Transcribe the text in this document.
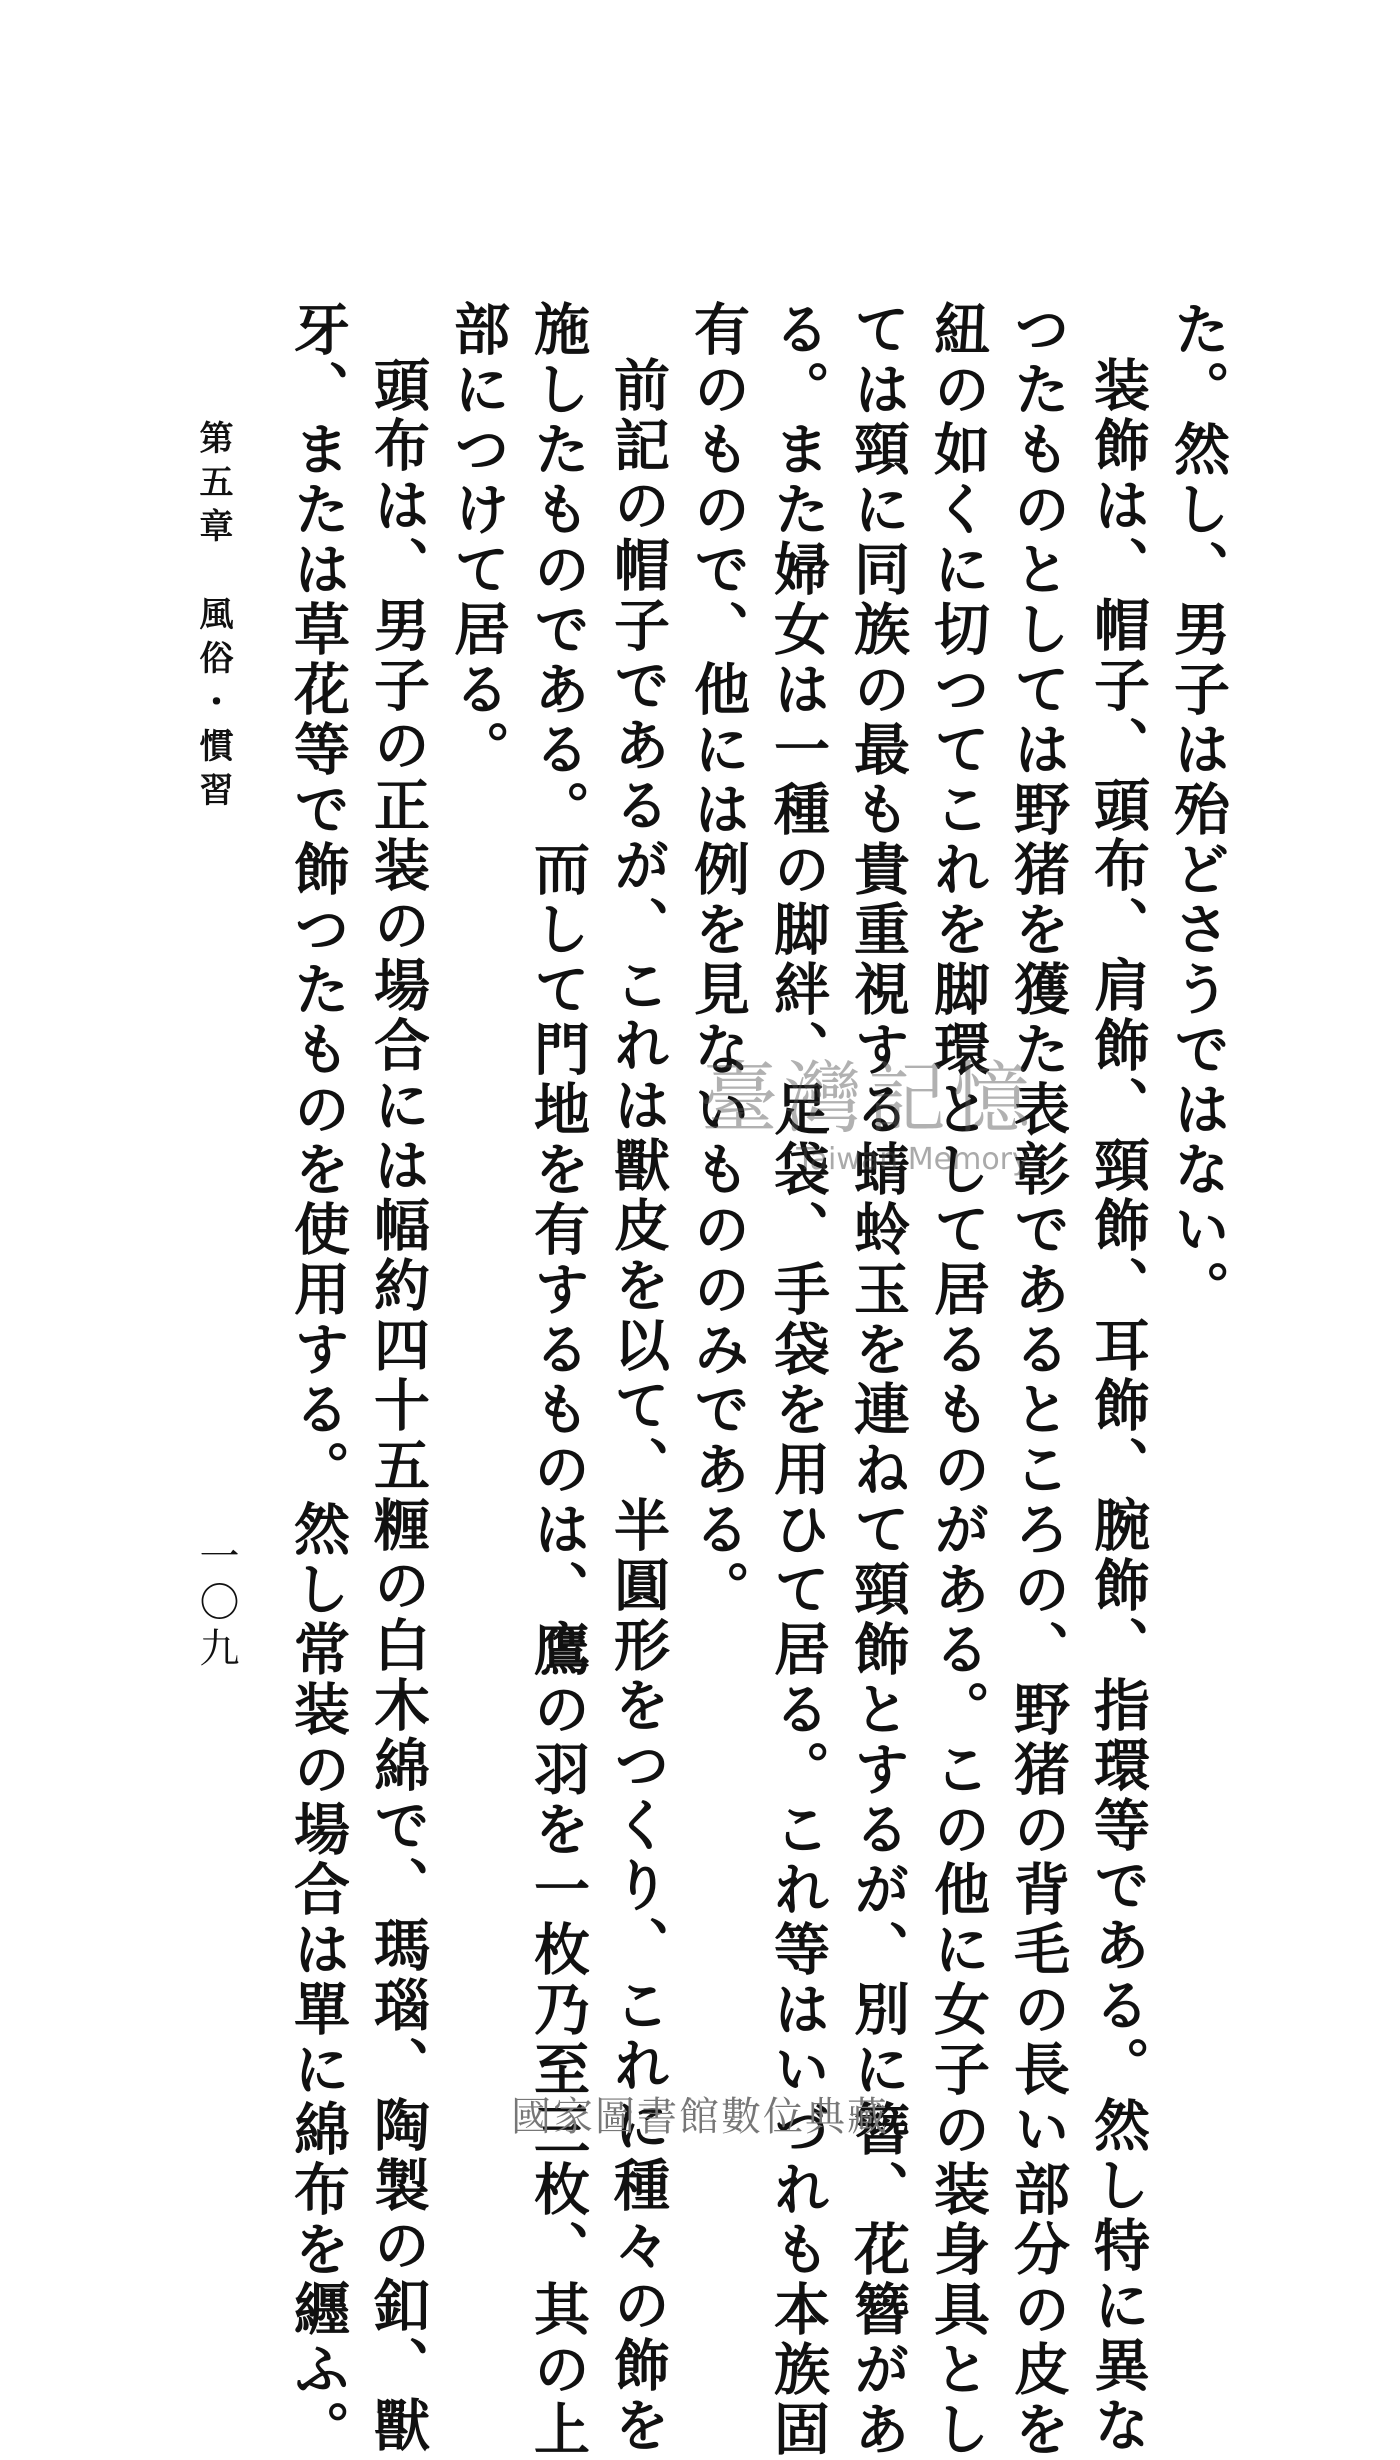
た。然し、男子は殆どさうではない。
装飾は、帽子、頭布、肩飾、頸飾、耳飾、腕飾、指環等である。然し特に異な
つたものとしては野猪を獲た表彰であるところの、野猪の背毛の長い部分の皮を
紐の如くに切つてこれを脚環として居るものがある。この他に女子の装身具とし
ては頸に同族の最も貴重視する蜻蛉玉を連ねて頸飾とするが、別に簪、花簪があ
る。また婦女は一種の脚絆、足袋、手袋を用ひて居る。これ等はいづれも本族固
有のもので、他には例を見ないもののみである。
前記の帽子であるが、これは獸皮を以て、半圓形をつくり、これに種々の飾を
施したものである。而して門地を有するものは、鷹の羽を一枚乃至三枚、其の上
部につけて居る。
頭布は、男子の正装の場合には幅約四十五糎の白木綿で、瑪瑙、陶製の釦、獸
牙、または草花等で飾つたものを使用する。然し常装の場合は單に綿布を纒ふ。
第五章　風俗・慣習
一〇九
臺灣記憶
Taiwan Memory
國家圖書館數位典藏
